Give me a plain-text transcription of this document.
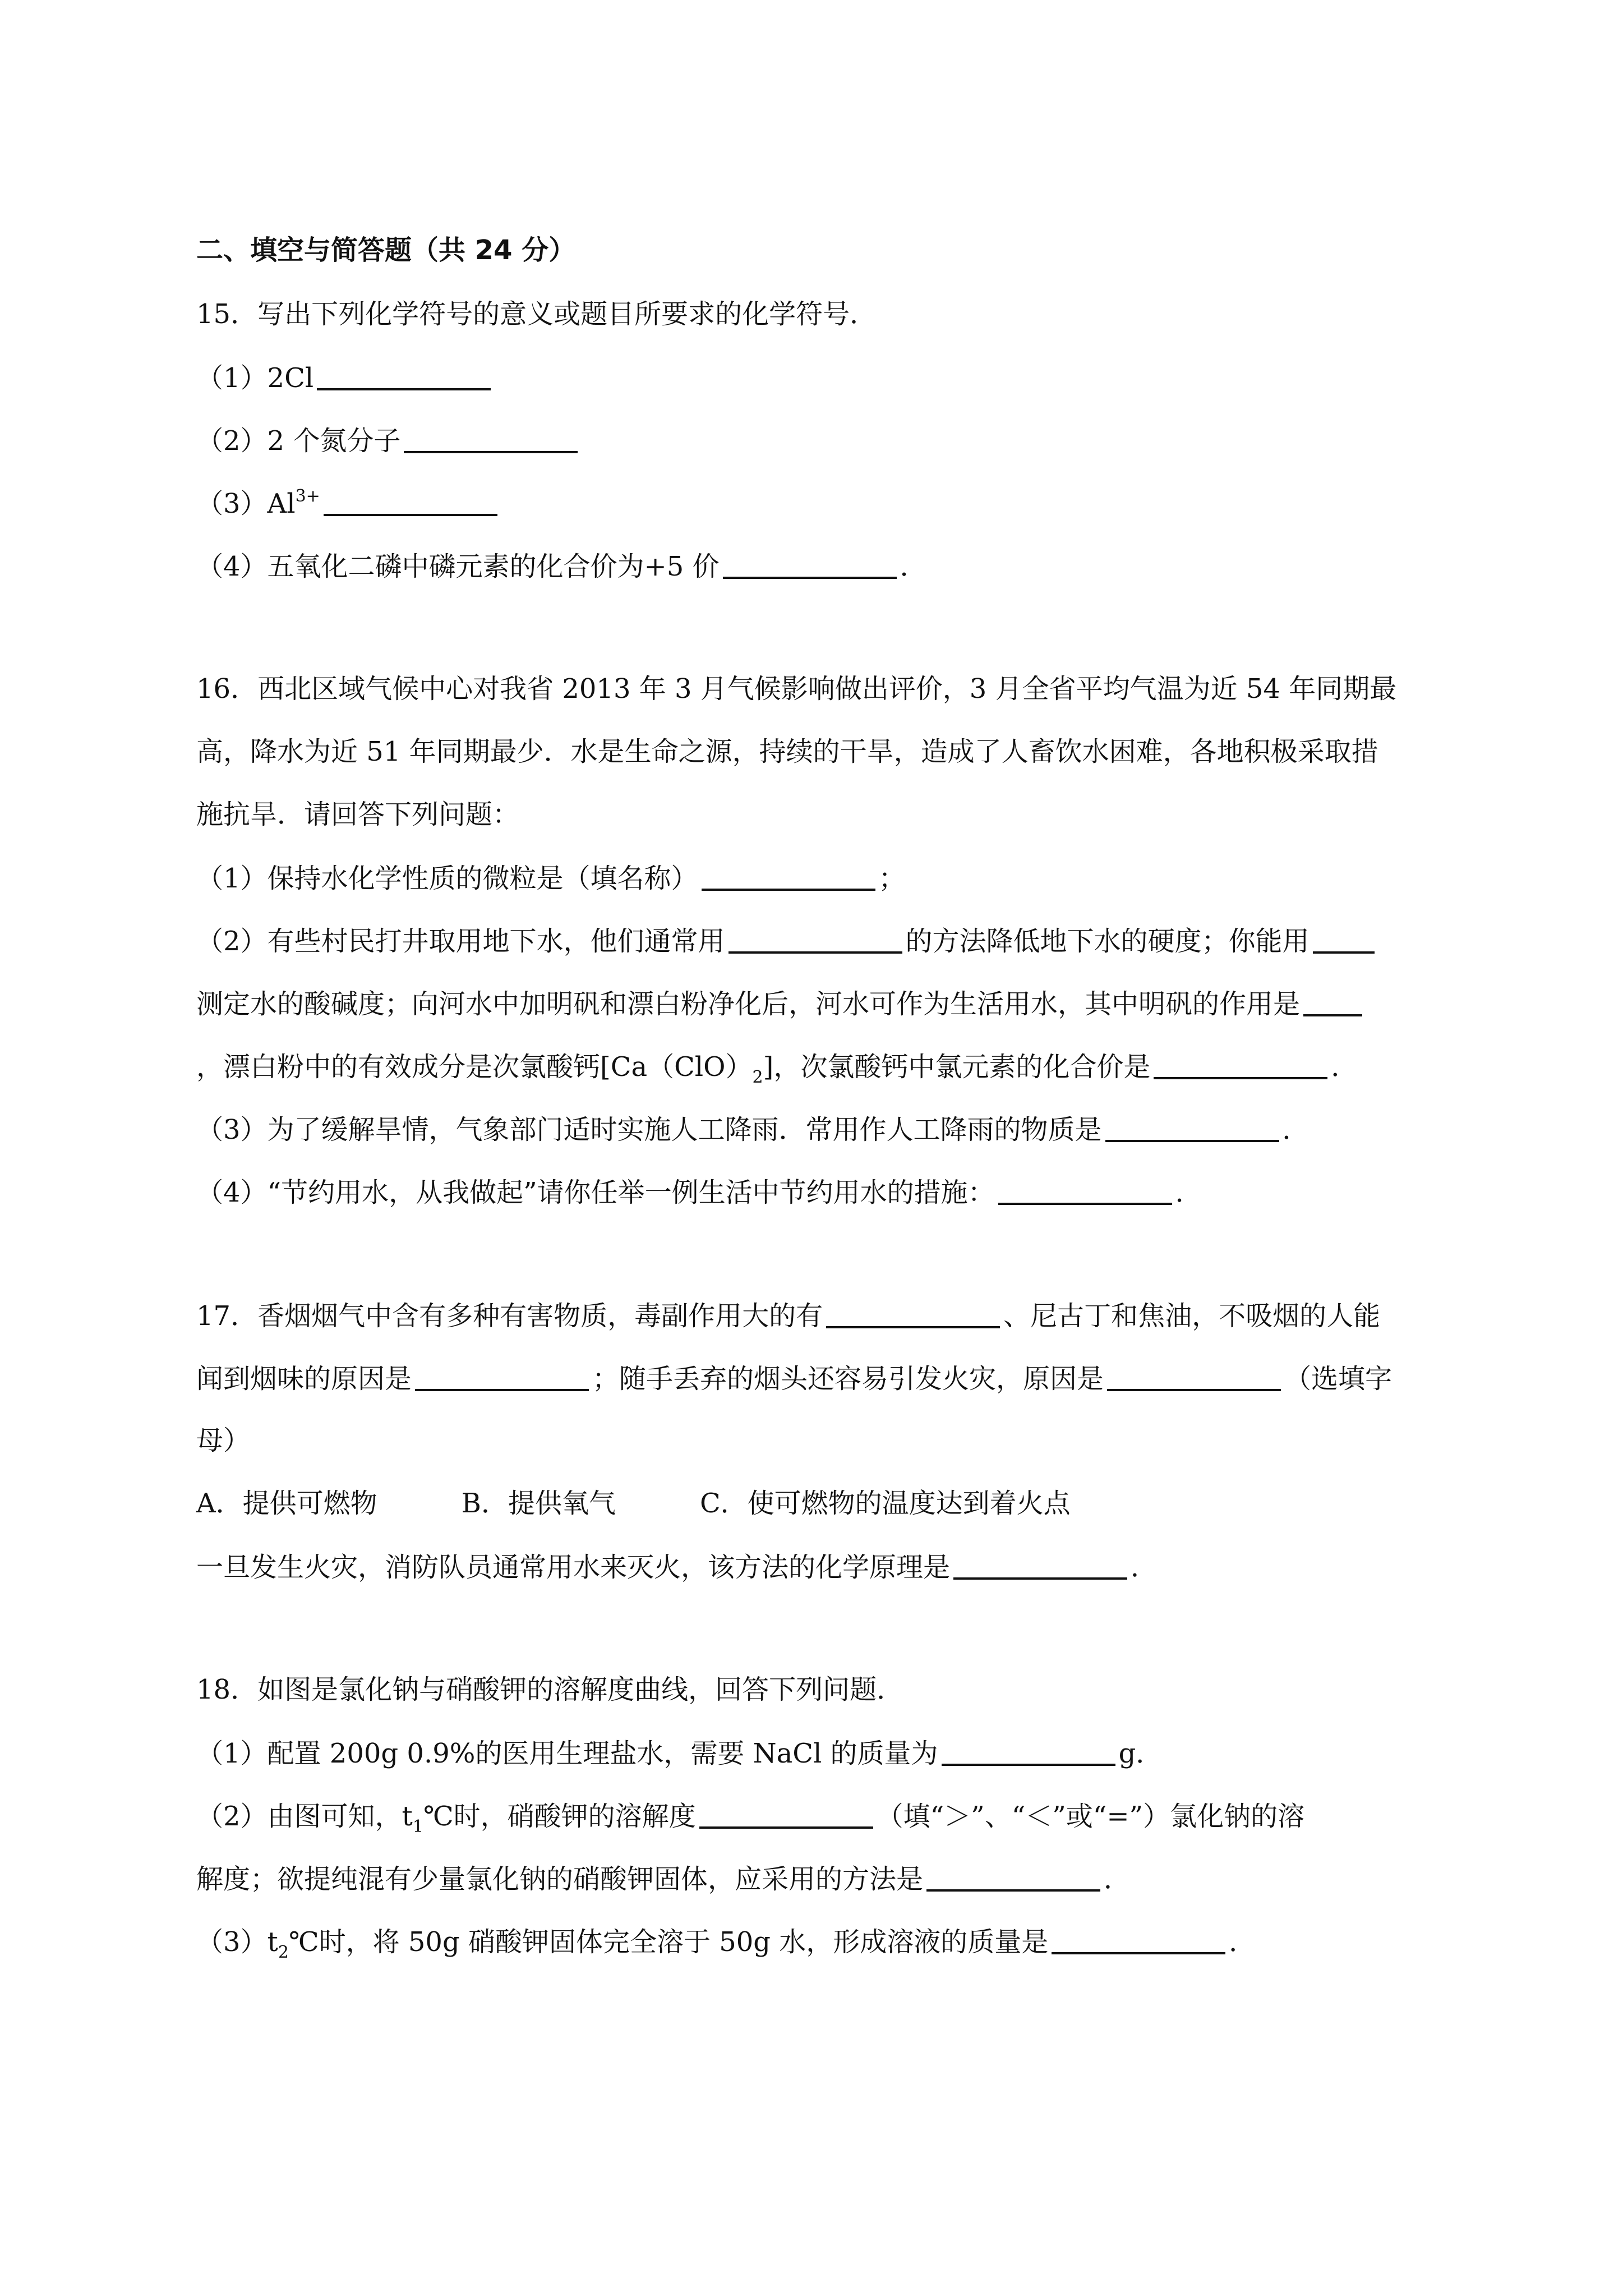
二、填空与简答题（共 24 分）
15．写出下列化学符号的意义或题目所要求的化学符号．
（1）2Cl
（2）2 个氮分子
$(3)Al^{3+}$
（4）五氧化二磷中磷元素的化合价为+5 价	．
16．西北区域气候中心对我省 2013 年 3 月气候影响做出评价，3 月全省平均气温为近 54 年同期最
高，降水为近 51 年同期最少．水是生命之源，持续的干旱，造成了人畜饮水困难，各地积极采取措
施抗旱．请回答下列问题：
（1）保持水化学性质的微粒是（填名称）	；
（2）有些村民打井取用地下水，他们通常用	的方法降低地下水的硬度；你能用
测定水的酸碱度；向河水中加明矾和漂白粉净化后，河水可作为生活用水，其中明矾的作用是
，漂白粉中的有效成分是次氯酸钙$[Ca(ClO)_2]$，次氯酸钙中氯元素的化合价是	．
（3）为了缓解旱情，气象部门适时实施人工降雨．常用作人工降雨的物质是	．
（4）“节约用水，从我做起”请你任举一例生活中节约用水的措施：	．
17．香烟烟气中含有多种有害物质，毒副作用大的有	、尼古丁和焦油，不吸烟的人能
闻到烟味的原因是	；随手丢弃的烟头还容易引发火灾，原因是	（选填字
母）
A．提供可燃物	B．提供氧气	C．使可燃物的温度达到着火点
一旦发生火灾，消防队员通常用水来灭火，该方法的化学原理是	．
18．如图是氯化钠与硝酸钾的溶解度曲线，回答下列问题．
（1）配置 200g 0.9%的医用生理盐水，需要 NaCl 的质量为	g．
（2）由图可知，$t_1℃$时，硝酸钾的溶解度	（填“＞”、“＜”或“=”）氯化钠的溶
解度；欲提纯混有少量氯化钠的硝酸钾固体，应采用的方法是	．
$(3)t_2℃$时，将 50g 硝酸钾固体完全溶于 50g 水，形成溶液的质量是	．
